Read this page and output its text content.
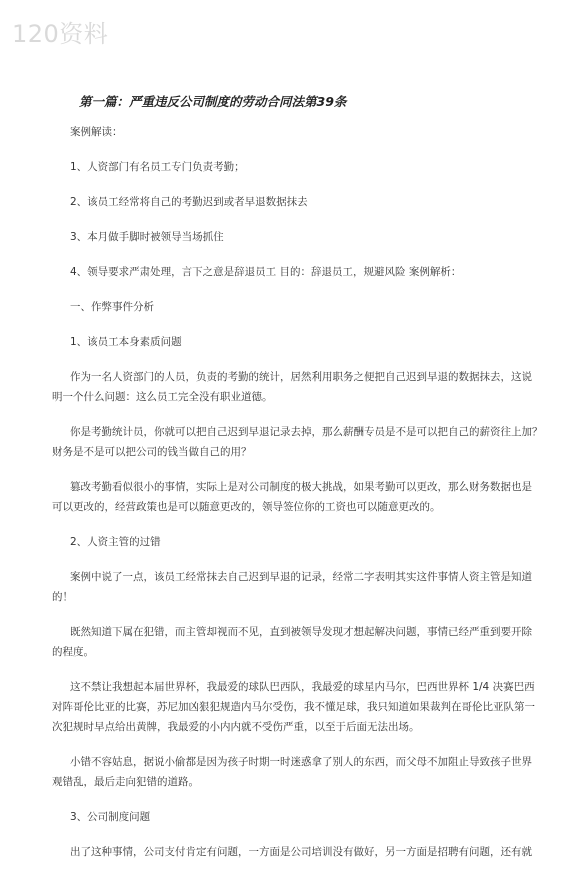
120资料
第一篇：严重违反公司制度的劳动合同法第39条
案例解读：
1、人资部门有名员工专门负责考勤；
2、该员工经常将自己的考勤迟到或者早退数据抹去
3、本月做手脚时被领导当场抓住
4、领导要求严肃处理，言下之意是辞退员工 目的：辞退员工，规避风险 案例解析：
一、作弊事件分析
1、该员工本身素质问题
作为一名人资部门的人员，负责的考勤的统计，居然利用职务之便把自己迟到早退的数据抹去，这说
明一个什么问题：这么员工完全没有职业道德。
你是考勤统计员，你就可以把自己迟到早退记录去掉，那么薪酬专员是不是可以把自己的薪资往上加？
财务是不是可以把公司的钱当做自己的用？
篡改考勤看似很小的事情，实际上是对公司制度的极大挑战，如果考勤可以更改，那么财务数据也是
可以更改的，经营政策也是可以随意更改的，领导签位你的工资也可以随意更改的。
2、人资主管的过错
案例中说了一点，该员工经常抹去自己迟到早退的记录，经常二字表明其实这件事情人资主管是知道
的！
既然知道下属在犯错，而主管却视而不见，直到被领导发现才想起解决问题，事情已经严重到要开除
的程度。
这不禁让我想起本届世界杯，我最爱的球队巴西队，我最爱的球星内马尔，巴西世界杯 1/4 决赛巴西
对阵哥伦比亚的比赛，苏尼加凶狠犯规造内马尔受伤，我不懂足球，我只知道如果裁判在哥伦比亚队第一
次犯规时早点给出黄牌，我最爱的小内内就不受伤严重，以至于后面无法出场。
小错不容姑息，据说小偷都是因为孩子时期一时迷惑拿了别人的东西，而父母不加阻止导致孩子世界
观错乱，最后走向犯错的道路。
3、公司制度问题
出了这种事情，公司支付肯定有问题，一方面是公司培训没有做好，另一方面是招聘有问题，还有就
